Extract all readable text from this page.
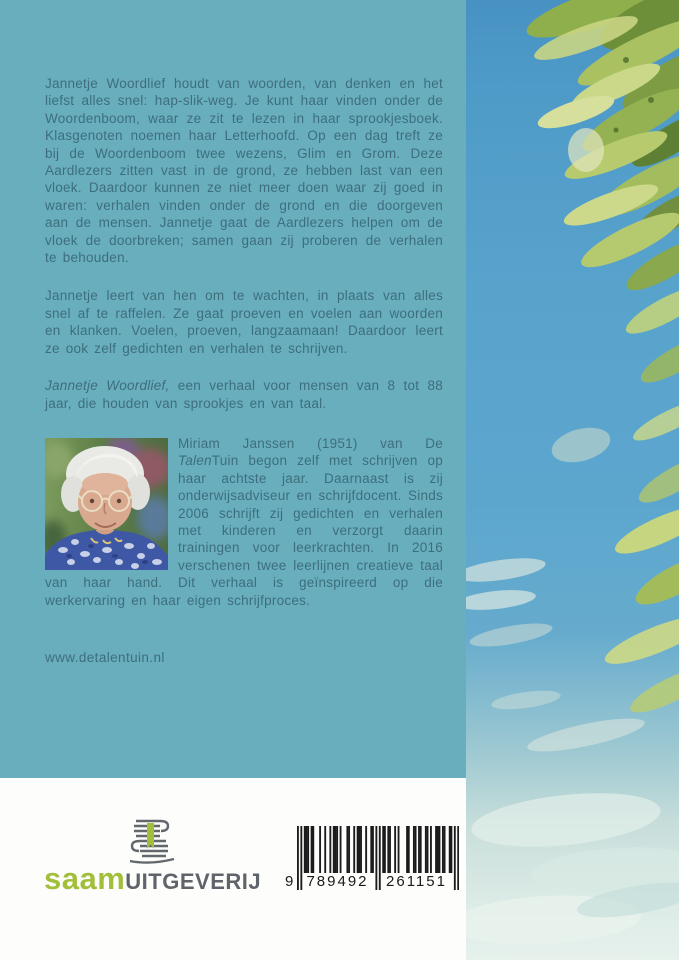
Jannetje Woordlief houdt van woorden, van denken en het liefst alles snel: hap-slik-weg. Je kunt haar vinden onder de Woordenboom, waar ze zit te lezen in haar sprookjesboek. Klasgenoten noemen haar Letterhoofd. Op een dag treft ze bij de Woordenboom twee wezens, Glim en Grom. Deze Aardlezers zitten vast in de grond, ze hebben last van een vloek. Daardoor kunnen ze niet meer doen waar zij goed in waren: verhalen vinden onder de grond en die doorgeven aan de mensen. Jannetje gaat de Aardlezers helpen om de vloek de doorbreken; samen gaan zij proberen de verhalen te behouden.

Jannetje leert van hen om te wachten, in plaats van alles snel af te raffelen. Ze gaat proeven en voelen aan woorden en klanken. Voelen, proeven, langzaamaan! Daardoor leert ze ook zelf gedichten en verhalen te schrijven.

Jannetje Woordlief, een verhaal voor mensen van 8 tot 88 jaar, die houden van sprookjes en van taal.

Miriam Janssen (1951) van De TalenTuin begon zelf met schrijven op haar achtste jaar. Daarnaast is zij onderwijsadviseur en schrijfdocent. Sinds 2006 schrijft zij gedichten en verhalen met kinderen en verzorgt daarin trainingen voor leerkrachten. In 2016 verschenen twee leerlijnen creatieve taal van haar hand. Dit verhaal is geïnspireerd op die werkervaring en haar eigen schrijfproces.

www.detalentuin.nl

saamUITGEVERIJ 9 789492 261151
